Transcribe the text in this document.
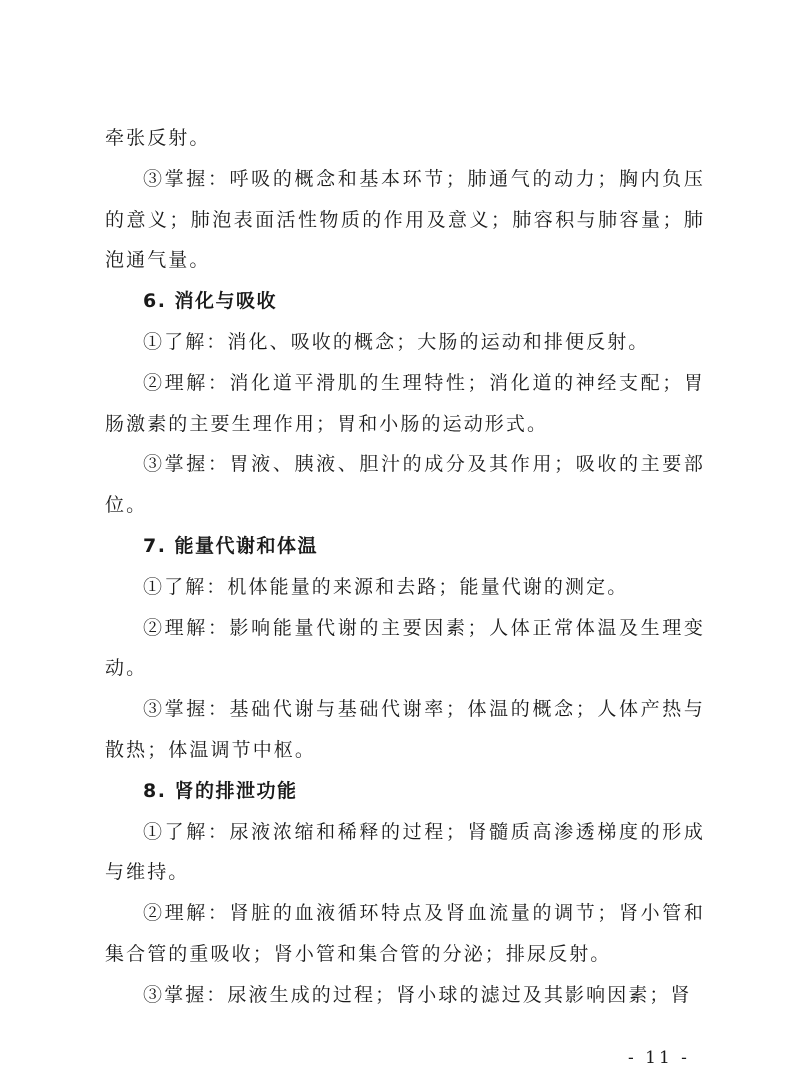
牵张反射。

③掌握：呼吸的概念和基本环节；肺通气的动力；胸内负压的意义；肺泡表面活性物质的作用及意义；肺容积与肺容量；肺泡通气量。

6. 消化与吸收

①了解：消化、吸收的概念；大肠的运动和排便反射。

②理解：消化道平滑肌的生理特性；消化道的神经支配；胃肠激素的主要生理作用；胃和小肠的运动形式。

③掌握：胃液、胰液、胆汁的成分及其作用；吸收的主要部位。

7. 能量代谢和体温

①了解：机体能量的来源和去路；能量代谢的测定。

②理解：影响能量代谢的主要因素；人体正常体温及生理变动。

③掌握：基础代谢与基础代谢率；体温的概念；人体产热与散热；体温调节中枢。

8. 肾的排泄功能

①了解：尿液浓缩和稀释的过程；肾髓质高渗透梯度的形成与维持。

②理解：肾脏的血液循环特点及肾血流量的调节；肾小管和集合管的重吸收；肾小管和集合管的分泌；排尿反射。

③掌握：尿液生成的过程；肾小球的滤过及其影响因素；肾

- 11 -
